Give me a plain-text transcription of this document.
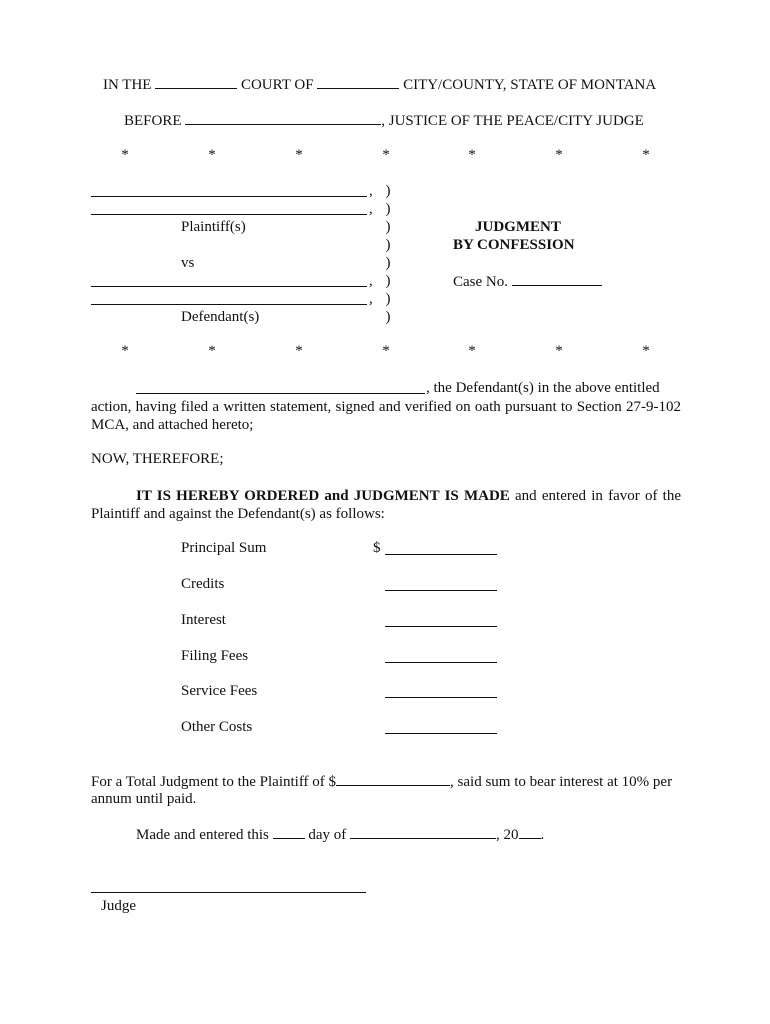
IN THE	COURT OF	CITY/COUNTY, STATE OF MONTANA
BEFORE	, JUSTICE OF THE PEACE/CITY JUDGE
*	*	*	*	*	*	*
,
,
Plaintiff(s)
vs
,
,
Defendant(s)
)
)
)
)
)
)
)
)
JUDGMENT
BY CONFESSION
Case No.
*	*	*	*	*	*	*
, the Defendant(s) in the above entitled
action, having filed a written statement, signed and verified on oath pursuant to Section 27-9-102 MCA, and attached hereto;
NOW, THEREFORE;
IT IS HEREBY ORDERED and JUDGMENT IS MADE and entered in favor of the Plaintiff and against the Defendant(s) as follows:
Principal Sum	$
Credits
Interest
Filing Fees
Service Fees
Other Costs
For a Total Judgment to the Plaintiff of $	, said sum to bear interest at 10% per
annum until paid.
Made and entered this	day of	, 20 .
Judge
